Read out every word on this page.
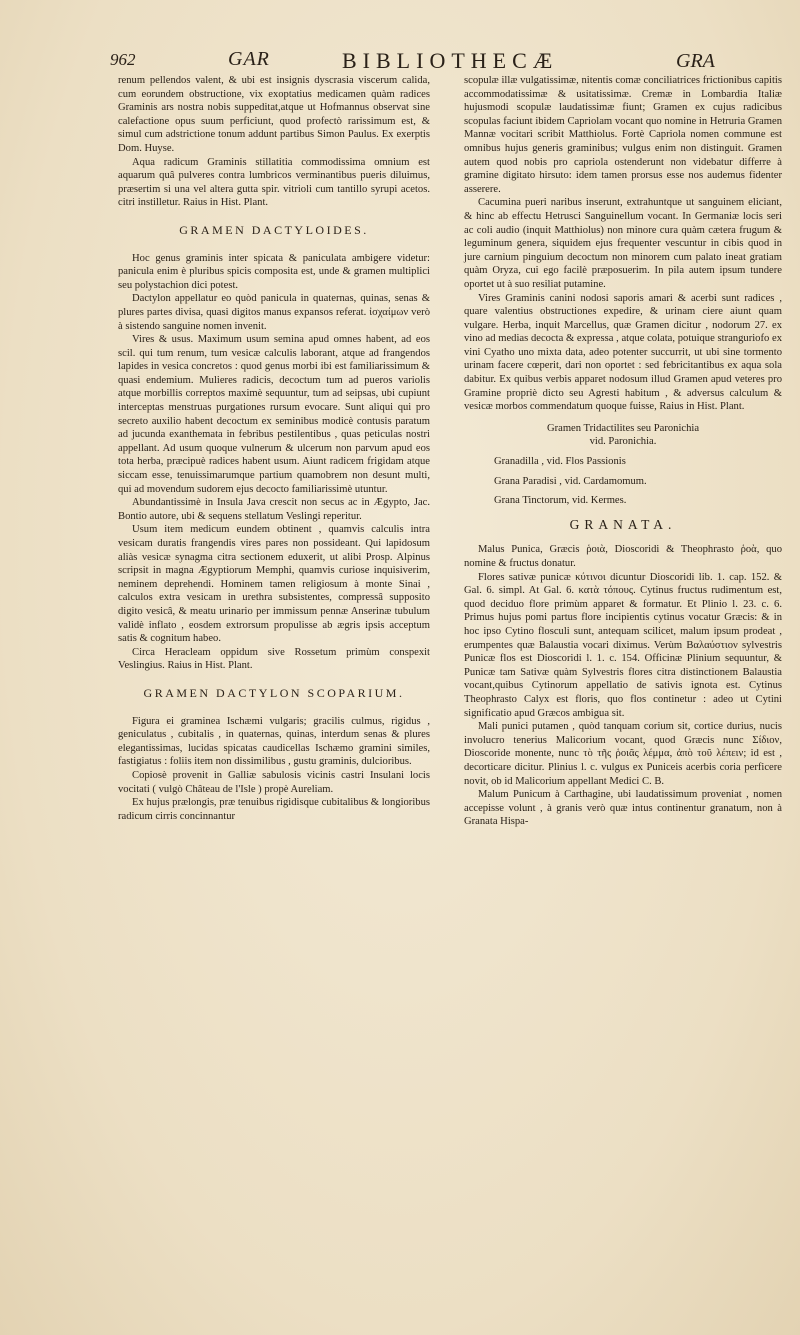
962	GAR	BIBLIOTHECÆ	GRA

renum pellendos valent, & ubi est insignis dyscrasia viscerum calida, cum eorundem obstructione, vix exoptatius medicamen quàm radices Graminis ars nostra nobis suppeditat,atque ut Hofmannus observat sine calefactione opus suum perficiunt, quod profectò rarissimum est, & simul cum adstrictione tonum addunt partibus Simon Paulus. Ex exerptis Dom. Huyse.

Aqua radicum Graminis stillatitia commodissima omnium est aquarum quâ pulveres contra lumbricos verminantibus pueris diluimus, præsertim si una vel altera gutta spir. vitrioli cum tantillo syrupi acetos. citri instilletur. Raius in Hist. Plant.

GRAMEN DACTYLOIDES.

Hoc genus graminis inter spicata & paniculata ambigere videtur: panicula enim è pluribus spicis composita est, unde & gramen multiplici seu polystachion dici potest.

Dactylon appellatur eo quòd panicula in quaternas, quinas, senas & plures partes divisa, quasi digitos manus expansos referat. ἰσχαίμων verò à sistendo sanguine nomen invenit.

Vires & usus. Maximum usum semina apud omnes habent, ad eos scil. qui tum renum, tum vesicæ calculis laborant, atque ad frangendos lapides in vesica concretos : quod genus morbi ibi est familiarissimum & quasi endemium. Mulieres radicis, decoctum tum ad pueros variolis atque morbillis correptos maximè sequuntur, tum ad seipsas, ubi cupiunt interceptas menstruas purgationes rursum evocare. Sunt aliqui qui pro secreto auxilio habent decoctum ex seminibus modicè contusis paratum ad jucunda exanthemata in febribus pestilentibus , quas peticulas nostri appellant. Ad usum quoque vulnerum & ulcerum non parvum apud eos tota herba, præcipuè radices habent usum. Aiunt radicem frigidam atque siccam esse, tenuissimarumque partium quamobrem non desunt multi, qui ad movendum sudorem ejus decocto familiarissimè utuntur.

Abundantissimè in Insula Java crescit non secus ac in Ægypto, Jac. Bontio autore, ubi & sequens stellatum Veslingi reperitur.

Usum item medicum eundem obtinent , quamvis calculis intra vesicam duratis frangendis vires pares non possideant. Qui lapidosum aliàs vesicæ synagma citra sectionem eduxerit, ut alibi Prosp. Alpinus scripsit in magna Ægyptiorum Memphi, quamvis curiose inquisiverim, neminem deprehendi. Hominem tamen religiosum à monte Sinai , calculos extra vesicam in urethra subsistentes, compressâ supposito digito vesicâ, & meatu urinario per immissum pennæ Anserinæ tubulum validè inflato , eosdem extrorsum propulisse ab ægris ipsis acceptum satis & cognitum habeo.

Circa Heracleam oppidum sive Rossetum primùm conspexit Veslingius. Raius in Hist. Plant.

GRAMEN DACTYLON SCOPARIUM.

Figura ei graminea Ischæmi vulgaris; gracilis culmus, rigidus , geniculatus , cubitalis , in quaternas, quinas, interdum senas & plures elegantissimas, lucidas spicatas caudicellas Ischæmo gramini similes, fastigiatus : foliis item non dissimilibus , gustu graminis, dulcioribus.

Copiosè provenit in Galliæ sabulosis vicinis castri Insulani locis vocitati ( vulgò Château de l'Isle ) propè Aureliam.

Ex hujus prælongis, præ tenuibus rigidisque cubitalibus & longioribus radicum cirris concinnantur

scopulæ illæ vulgatissimæ, nitentis comæ conciliatrices frictionibus capitis accommodatissimæ & usitatissimæ. Cremæ in Lombardia Italiæ hujusmodi scopulæ laudatissimæ fiunt; Gramen ex cujus radicibus scopulas faciunt ibidem Capriolam vocant quo nomine in Hetruria Gramen Mannæ vocitari scribit Matthiolus. Fortè Capriola nomen commune est omnibus hujus generis graminibus; vulgus enim non distinguit. Gramen autem quod nobis pro capriola ostenderunt non videbatur differre à gramine digitato hirsuto: idem tamen prorsus esse nos audemus fidenter asserere.

Cacumina pueri naribus inserunt, extrahuntque ut sanguinem eliciant, & hinc ab effectu Hetrusci Sanguinellum vocant. In Germaniæ locis seri ac coli audio (inquit Matthiolus) non minore cura quàm cætera frugum & leguminum genera, siquidem ejus frequenter vescuntur in cibis quod in jure carnium pinguium decoctum non minorem cum palato ineat gratiam quàm Oryza, cui ego facilè præposuerim. In pila autem ipsum tundere oportet ut à suo resiliat putamine.

Vires Graminis canini nodosi saporis amari & acerbi sunt radices , quare valentius obstructiones expedire, & urinam ciere aiunt quam vulgare. Herba, inquit Marcellus, quæ Gramen dicitur , nodorum 27. ex vino ad medias decocta & expressa , atque colata, potuique stranguriofo ex vini Cyatho uno mixta data, adeo potenter succurrit, ut ubi sine tormento urinam facere cœperit, dari non oportet : sed febricitantibus ex aqua sola dabitur. Ex quibus verbis apparet nodosum illud Gramen apud veteres pro Gramine propriè dicto seu Agresti habitum , & adversus calculum & vesicæ morbos commendatum quoque fuisse, Raius in Hist. Plant.

Gramen Tridactilites seu Paronichia

vid. Paronichia.

Granadilla , vid. Flos Passionis

Grana Paradisi , vid. Cardamomum.

Grana Tinctorum, vid. Kermes.

GRANATA.

Malus Punica, Græcis ῥοιὰ, Dioscoridi & Theophrasto ῥοὰ, quo nomine & fructus donatur.

Flores sativæ punicæ κύτινοι dicuntur Dioscoridi lib. 1. cap. 152. & Gal. 6. simpl. At Gal. 6. κατὰ τόπους. Cytinus fructus rudimentum est, quod deciduo flore primùm apparet & formatur. Et Plinio l. 23. c. 6. Primus hujus pomi partus flore incipientis cytinus vocatur Græcis: & in hoc ipso Cytino flosculi sunt, antequam scilicet, malum ipsum prodeat , erumpentes quæ Balaustia vocari diximus. Verùm Βαλαύστιον sylvestris Punicæ flos est Dioscoridi l. 1. c. 154. Officinæ Plinium sequuntur, & Punicæ tam Sativæ quàm Sylvestris flores citra distinctionem Balaustia vocant,quibus Cytinorum appellatio de sativis ignota est. Cytinus Theophrasto Calyx est floris, quo flos continetur : adeo ut Cytini significatio apud Græcos ambigua sit.

Mali punici putamen , quòd tanquam corium sit, cortice durius, nucis involucro tenerius Malicorium vocant, quod Græcis nunc Σίδιον, Dioscoride monente, nunc τὸ τῆς ῥοιᾶς λέμμα, ἀπὸ τοῦ λέπειν; id est , decorticare dicitur. Plinius l. c. vulgus ex Puniceis acerbis coria perficere novit, ob id Malicorium appellant Medici C. B.

Malum Punicum à Carthagine, ubi laudatissimum proveniat , nomen accepisse volunt , à granis verò quæ intus continentur granatum, non à Granata Hispa-
